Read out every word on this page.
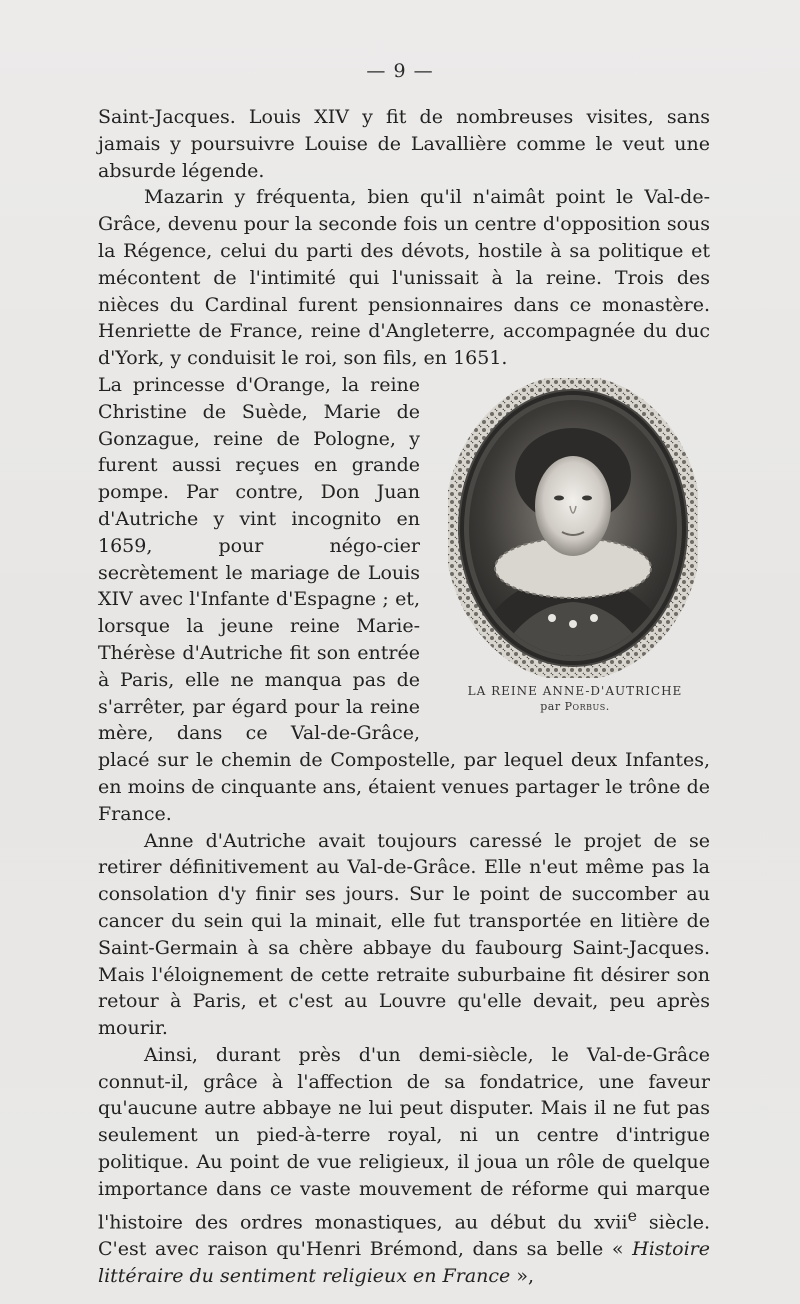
— 9 —

Saint-Jacques. Louis XIV y fit de nombreuses visites, sans jamais y poursuivre Louise de Lavallière comme le veut une absurde légende.

Mazarin y fréquenta, bien qu'il n'aimât point le Val-de-Grâce, devenu pour la seconde fois un centre d'opposition sous la Régence, celui du parti des dévots, hostile à sa politique et mécontent de l'intimité qui l'unissait à la reine. Trois des nièces du Cardinal furent pensionnaires dans ce monastère. Henriette de France, reine d'Angleterre, accompagnée du duc d'York, y conduisit le roi, son fils, en 1651.

LA REINE ANNE-D'AUTRICHE
par Porbus.

La princesse d'Orange, la reine Christine de Suède, Marie de Gonzague, reine de Pologne, y furent aussi reçues en grande pompe. Par contre, Don Juan d'Autriche y vint incognito en 1659, pour négo-cier secrètement le mariage de Louis XIV avec l'Infante d'Espagne ; et, lorsque la jeune reine Marie-Thérèse d'Autriche fit son entrée à Paris, elle ne manqua pas de s'arrêter, par égard pour la reine mère, dans ce Val-de-Grâce, placé sur le chemin de Compostelle, par lequel deux Infantes, en moins de cinquante ans, étaient venues partager le trône de France.

Anne d'Autriche avait toujours caressé le projet de se retirer définitivement au Val-de-Grâce. Elle n'eut même pas la consolation d'y finir ses jours. Sur le point de succomber au cancer du sein qui la minait, elle fut transportée en litière de Saint-Germain à sa chère abbaye du faubourg Saint-Jacques. Mais l'éloignement de cette retraite suburbaine fit désirer son retour à Paris, et c'est au Louvre qu'elle devait, peu après mourir.

Ainsi, durant près d'un demi-siècle, le Val-de-Grâce connut-il, grâce à l'affection de sa fondatrice, une faveur qu'aucune autre abbaye ne lui peut disputer. Mais il ne fut pas seulement un pied-à-terre royal, ni un centre d'intrigue politique. Au point de vue religieux, il joua un rôle de quelque importance dans ce vaste mouvement de réforme qui marque l'histoire des ordres monastiques, au début du xvii$^e$ siècle. C'est avec raison qu'Henri Brémond, dans sa belle « Histoire littéraire du sentiment religieux en France »,
